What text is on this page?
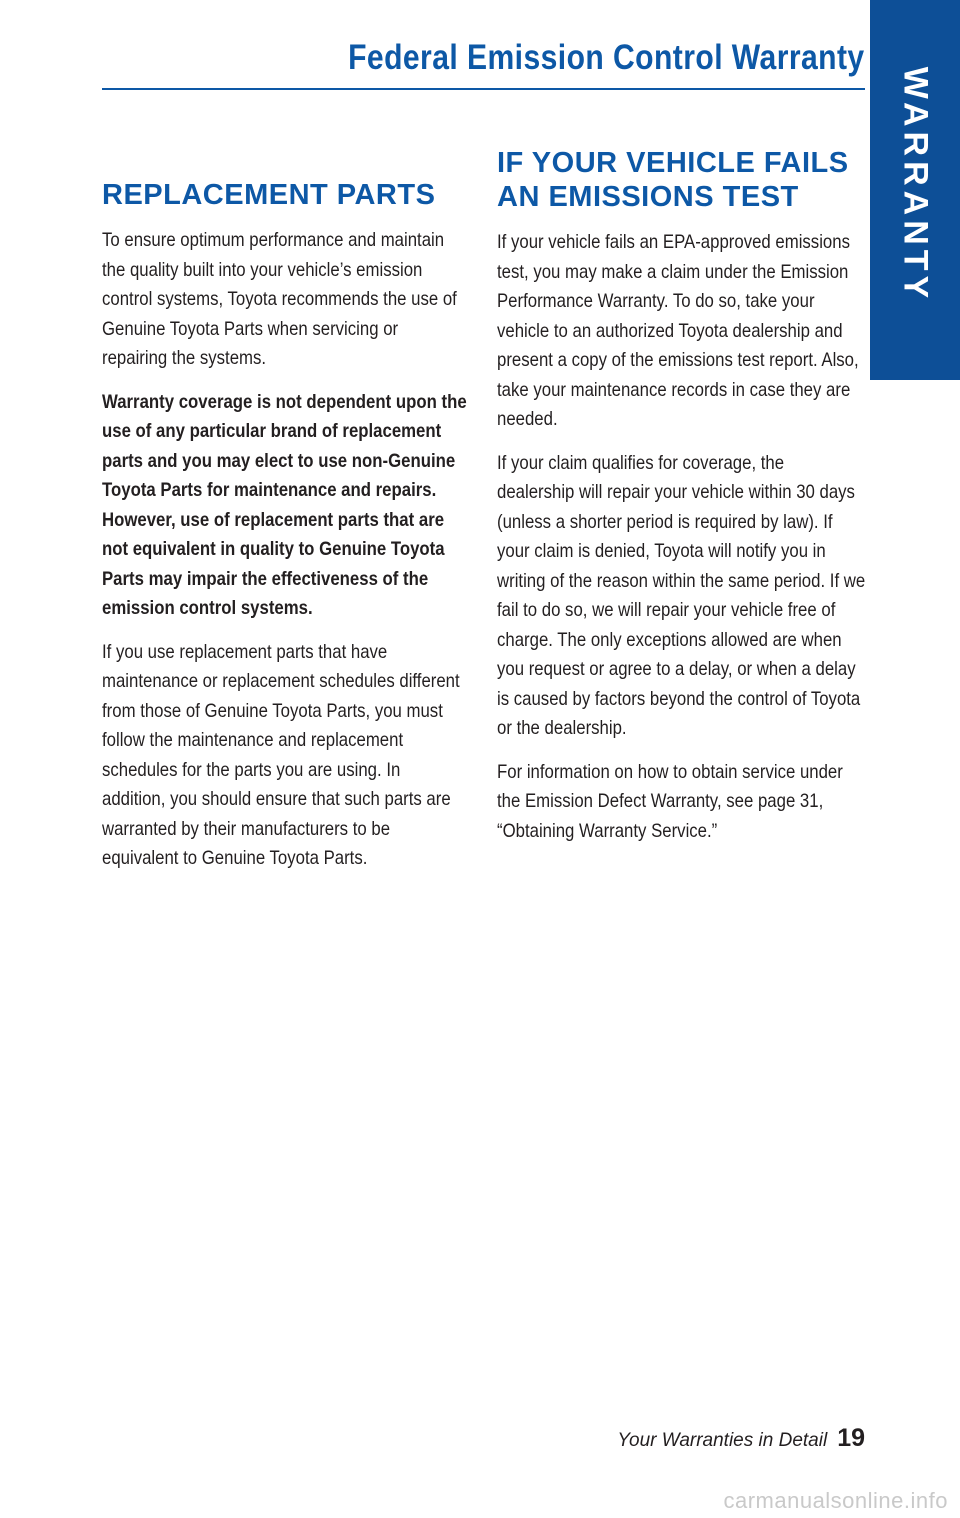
WARRANTY
Federal Emission Control Warranty
REPLACEMENT PARTS

To ensure optimum performance and maintain the quality built into your vehicle’s emission control systems, Toyota recommends the use of Genuine Toyota Parts when servicing or repairing the systems.

Warranty coverage is not dependent upon the use of any particular brand of replacement parts and you may elect to use non-Genuine Toyota Parts for maintenance and repairs. However, use of replacement parts that are not equivalent in quality to Genuine Toyota Parts may impair the effectiveness of the emission control systems.

If you use replacement parts that have maintenance or replacement schedules different from those of Genuine Toyota Parts, you must follow the maintenance and replacement schedules for the parts you are using. In addition, you should ensure that such parts are warranted by their manufacturers to be equivalent to Genuine Toyota Parts.

IF YOUR VEHICLE FAILS
AN EMISSIONS TEST

If your vehicle fails an EPA-approved emissions test, you may make a claim under the Emission Performance Warranty. To do so, take your vehicle to an authorized Toyota dealership and present a copy of the emissions test report. Also, take your maintenance records in case they are needed.

If your claim qualifies for coverage, the dealership will repair your vehicle within 30 days (unless a shorter period is required by law). If your claim is denied, Toyota will notify you in writing of the reason within the same period. If we fail to do so, we will repair your vehicle free of charge. The only exceptions allowed are when you request or agree to a delay, or when a delay is caused by factors beyond the control of Toyota or the dealership.

For information on how to obtain service under the Emission Defect Warranty, see page 31, “Obtaining Warranty Service.”

Your Warranties in Detail 19
carmanualsonline.info
